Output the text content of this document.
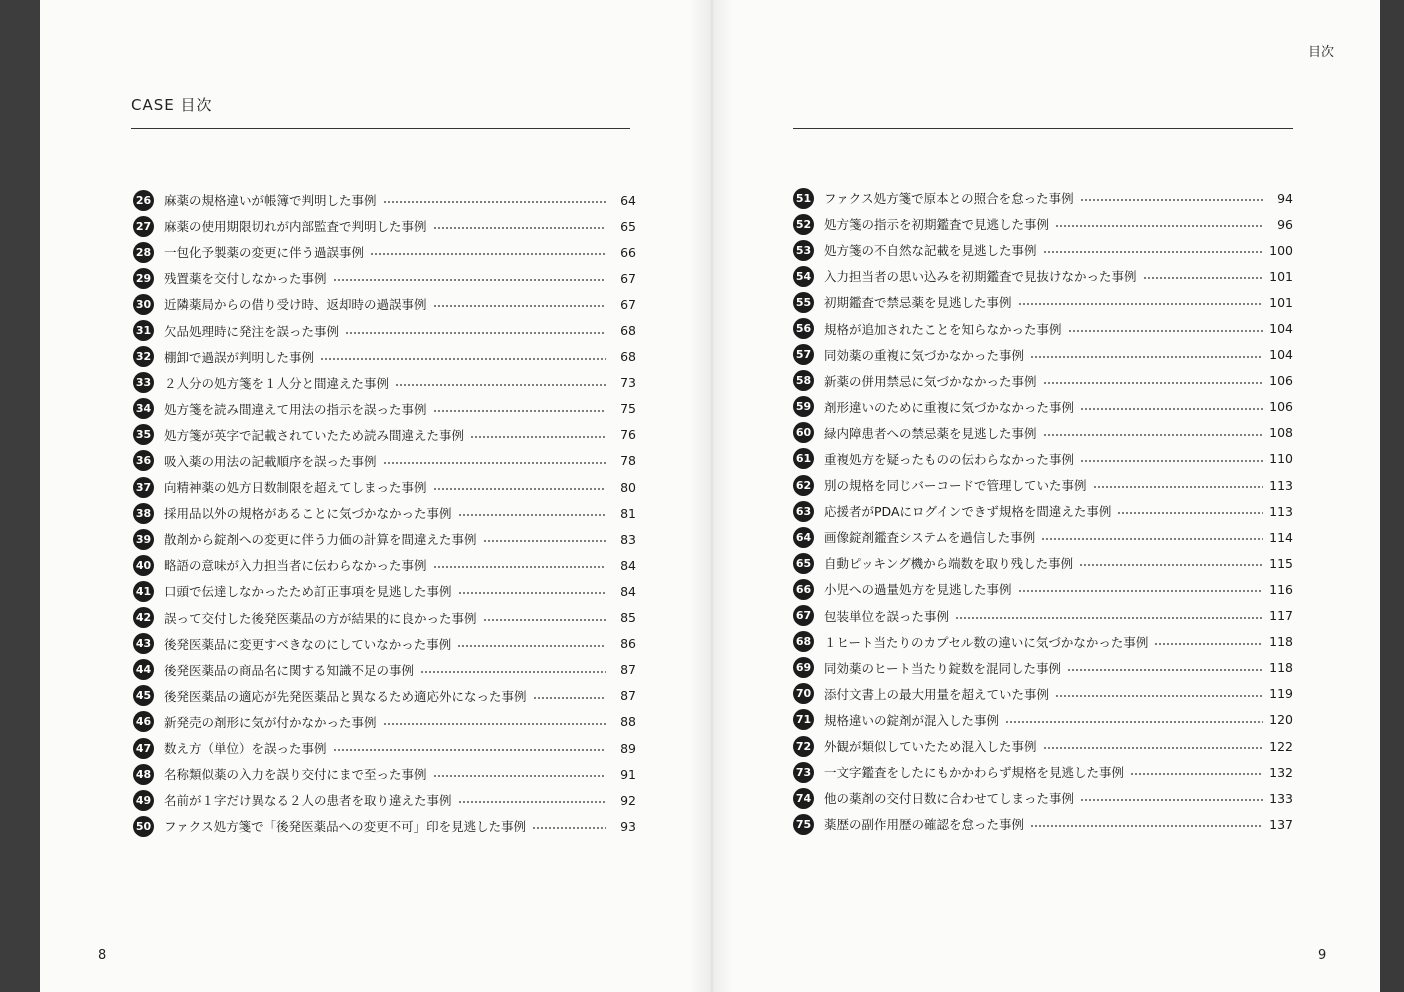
CASE 目次
目次
26 麻薬の規格違いが帳簿で判明した事例	64
27 麻薬の使用期限切れが内部監査で判明した事例	65
28 一包化予製薬の変更に伴う過誤事例	66
29 残置薬を交付しなかった事例	67
30 近隣薬局からの借り受け時、返却時の過誤事例	67
31 欠品処理時に発注を誤った事例	68
32 棚卸で過誤が判明した事例	68
33 ２人分の処方箋を１人分と間違えた事例	73
34 処方箋を読み間違えて用法の指示を誤った事例	75
35 処方箋が英字で記載されていたため読み間違えた事例	76
36 吸入薬の用法の記載順序を誤った事例	78
37 向精神薬の処方日数制限を超えてしまった事例	80
38 採用品以外の規格があることに気づかなかった事例	81
39 散剤から錠剤への変更に伴う力価の計算を間違えた事例	83
40 略語の意味が入力担当者に伝わらなかった事例	84
41 口頭で伝達しなかったため訂正事項を見逃した事例	84
42 誤って交付した後発医薬品の方が結果的に良かった事例	85
43 後発医薬品に変更すべきなのにしていなかった事例	86
44 後発医薬品の商品名に関する知識不足の事例	87
45 後発医薬品の適応が先発医薬品と異なるため適応外になった事例	87
46 新発売の剤形に気が付かなかった事例	88
47 数え方（単位）を誤った事例	89
48 名称類似薬の入力を誤り交付にまで至った事例	91
49 名前が１字だけ異なる２人の患者を取り違えた事例	92
50 ファクス処方箋で「後発医薬品への変更不可」印を見逃した事例	93
51 ファクス処方箋で原本との照合を怠った事例	94
52 処方箋の指示を初期鑑査で見逃した事例	96
53 処方箋の不自然な記載を見逃した事例	100
54 入力担当者の思い込みを初期鑑査で見抜けなかった事例	101
55 初期鑑査で禁忌薬を見逃した事例	101
56 規格が追加されたことを知らなかった事例	104
57 同効薬の重複に気づかなかった事例	104
58 新薬の併用禁忌に気づかなかった事例	106
59 剤形違いのために重複に気づかなかった事例	106
60 緑内障患者への禁忌薬を見逃した事例	108
61 重複処方を疑ったものの伝わらなかった事例	110
62 別の規格を同じバーコードで管理していた事例	113
63 応援者がPDAにログインできず規格を間違えた事例	113
64 画像錠剤鑑査システムを過信した事例	114
65 自動ピッキング機から端数を取り残した事例	115
66 小児への過量処方を見逃した事例	116
67 包装単位を誤った事例	117
68 １ヒート当たりのカプセル数の違いに気づかなかった事例	118
69 同効薬のヒート当たり錠数を混同した事例	118
70 添付文書上の最大用量を超えていた事例	119
71 規格違いの錠剤が混入した事例	120
72 外観が類似していたため混入した事例	122
73 一文字鑑査をしたにもかかわらず規格を見逃した事例	132
74 他の薬剤の交付日数に合わせてしまった事例	133
75 薬歴の副作用歴の確認を怠った事例	137
8	9
